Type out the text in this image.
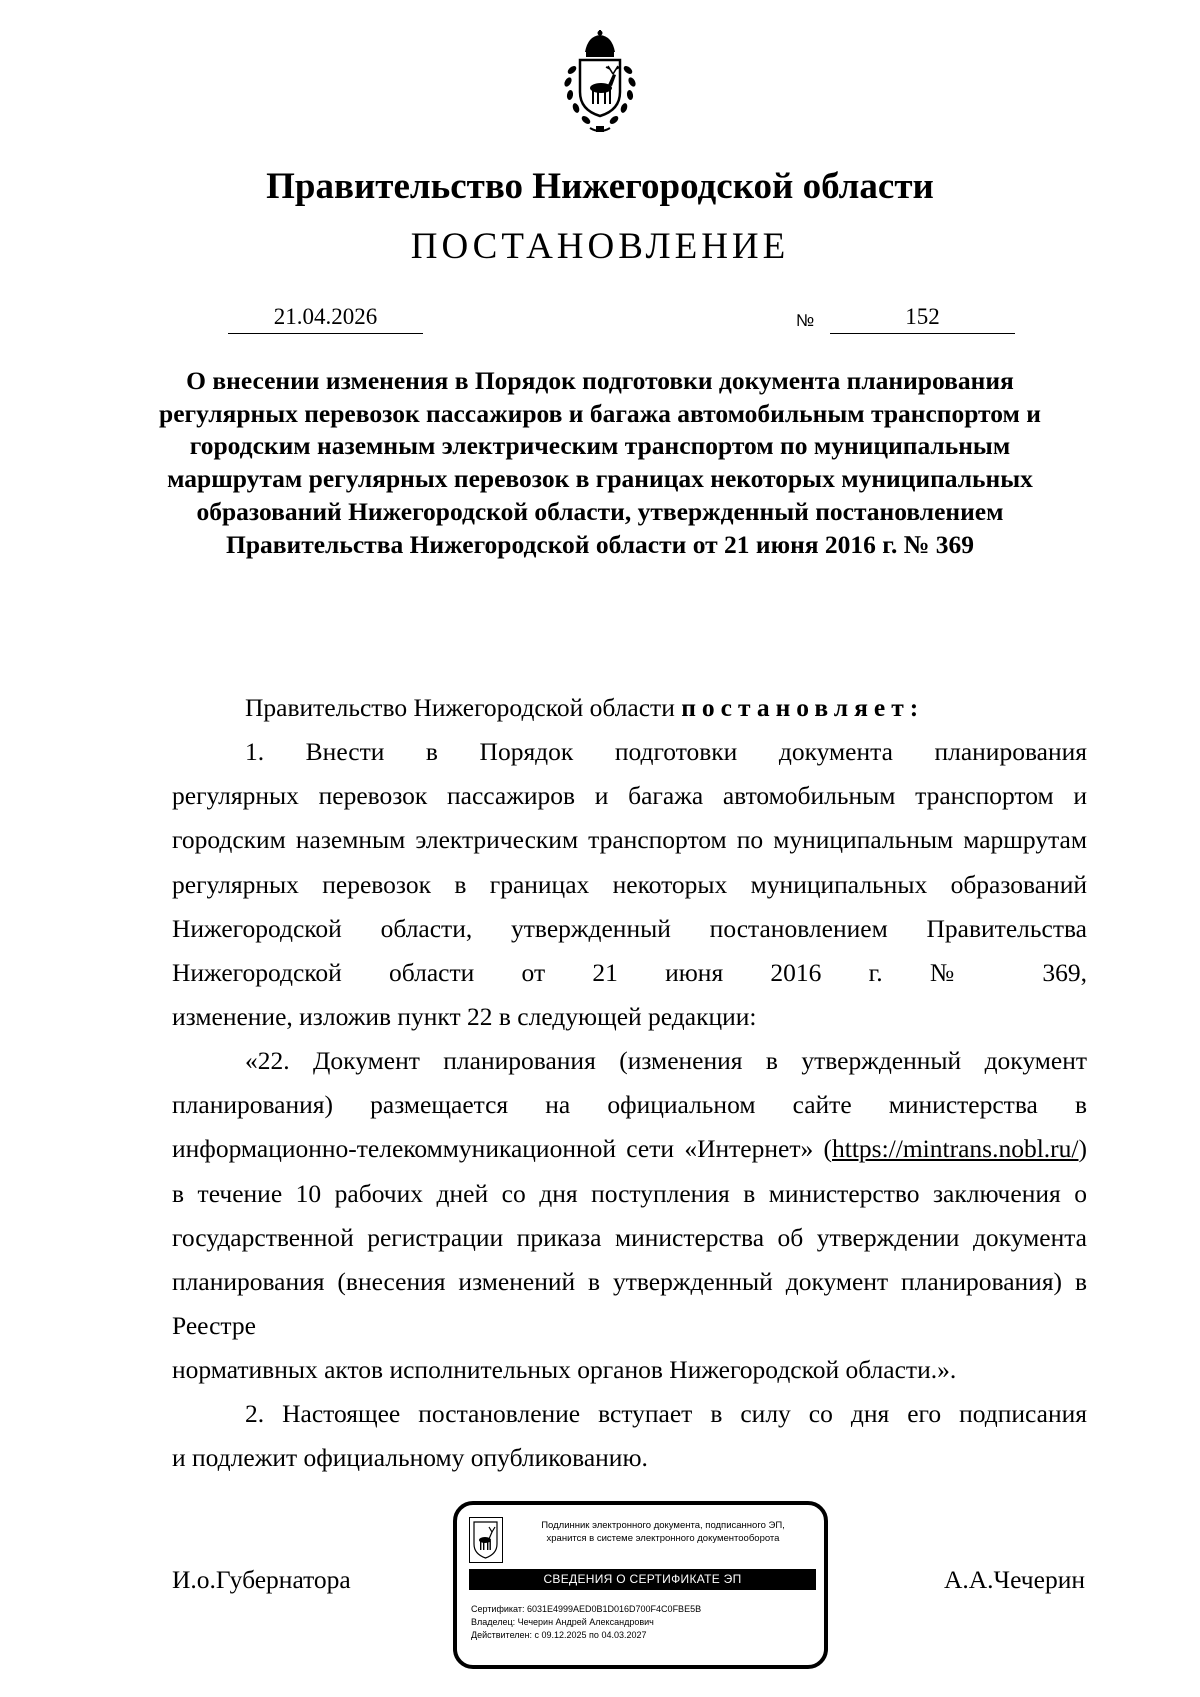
Правительство Нижегородской области
ПОСТАНОВЛЕНИЕ
21.04.2026	№	152
О внесении изменения в Порядок подготовки документа планирования регулярных перевозок пассажиров и багажа автомобильным транспортом и городским наземным электрическим транспортом по муниципальным маршрутам регулярных перевозок в границах некоторых муниципальных образований Нижегородской области, утвержденный постановлением Правительства Нижегородской области от 21 июня 2016 г. № 369
Правительство Нижегородской области постановляет:
1. Внести в Порядок подготовки документа планирования
регулярных перевозок пассажиров и багажа автомобильным транспортом и городским наземным электрическим транспортом по муниципальным маршрутам регулярных перевозок в границах некоторых муниципальных образований Нижегородской области, утвержденный постановлением Правительства Нижегородской области от 21 июня 2016 г. № 369,
изменение, изложив пункт 22 в следующей редакции:
«22. Документ планирования (изменения в утвержденный документ
планирования) размещается на официальном сайте министерства в информационно-телекоммуникационной сети «Интернет» (https://mintrans.nobl.ru/) в течение 10 рабочих дней со дня поступления в министерство заключения о государственной регистрации приказа министерства об утверждении документа планирования (внесения изменений в утвержденный документ планирования) в Реестре
нормативных актов исполнительных органов Нижегородской области.».
2. Настоящее постановление вступает в силу со дня его подписания
и подлежит официальному опубликованию.
И.о.Губернатора	А.А.Чечерин
Подлинник электронного документа, подписанного ЭП,
хранится в системе электронного документооборота
СВЕДЕНИЯ О СЕРТИФИКАТЕ ЭП
Сертификат: 6031E4999AED0B1D016D700F4C0FBE5B
Владелец: Чечерин Андрей Александрович
Действителен: с 09.12.2025 по 04.03.2027
